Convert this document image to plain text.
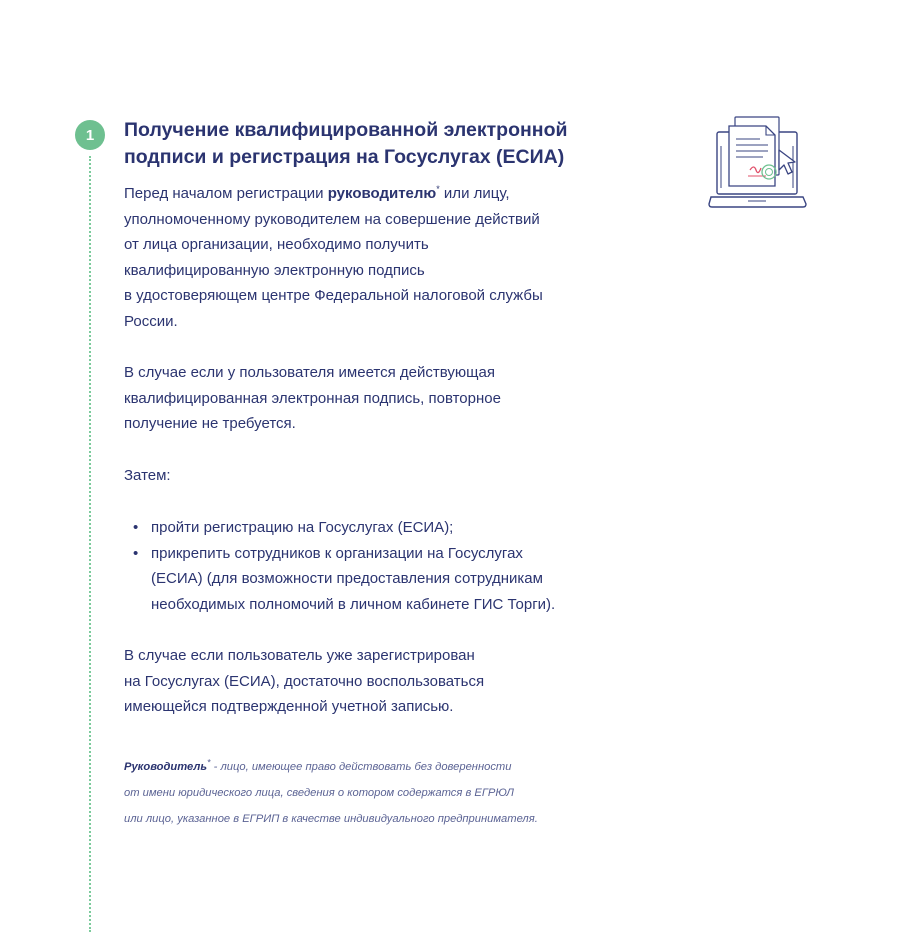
1 Получение квалифицированной электронной
подписи и регистрация на Госуслугах (ЕСИА)

Перед началом регистрации руководителю* или лицу,
уполномоченному руководителем на совершение действий
от лица организации, необходимо получить
квалифицированную электронную подпись
в удостоверяющем центре Федеральной налоговой службы
России.

В случае если у пользователя имеется действующая
квалифицированная электронная подпись, повторное
получение не требуется.

Затем:

• пройти регистрацию на Госуслугах (ЕСИА);
• прикрепить сотрудников к организации на Госуслугах
(ЕСИА) (для возможности предоставления сотрудникам
необходимых полномочий в личном кабинете ГИС Торги).

В случае если пользователь уже зарегистрирован
на Госуслугах (ЕСИА), достаточно воспользоваться
имеющейся подтвержденной учетной записью.

Руководитель* - лицо, имеющее право действовать без доверенности
от имени юридического лица, сведения о котором содержатся в ЕГРЮЛ
или лицо, указанное в ЕГРИП в качестве индивидуального предпринимателя.
